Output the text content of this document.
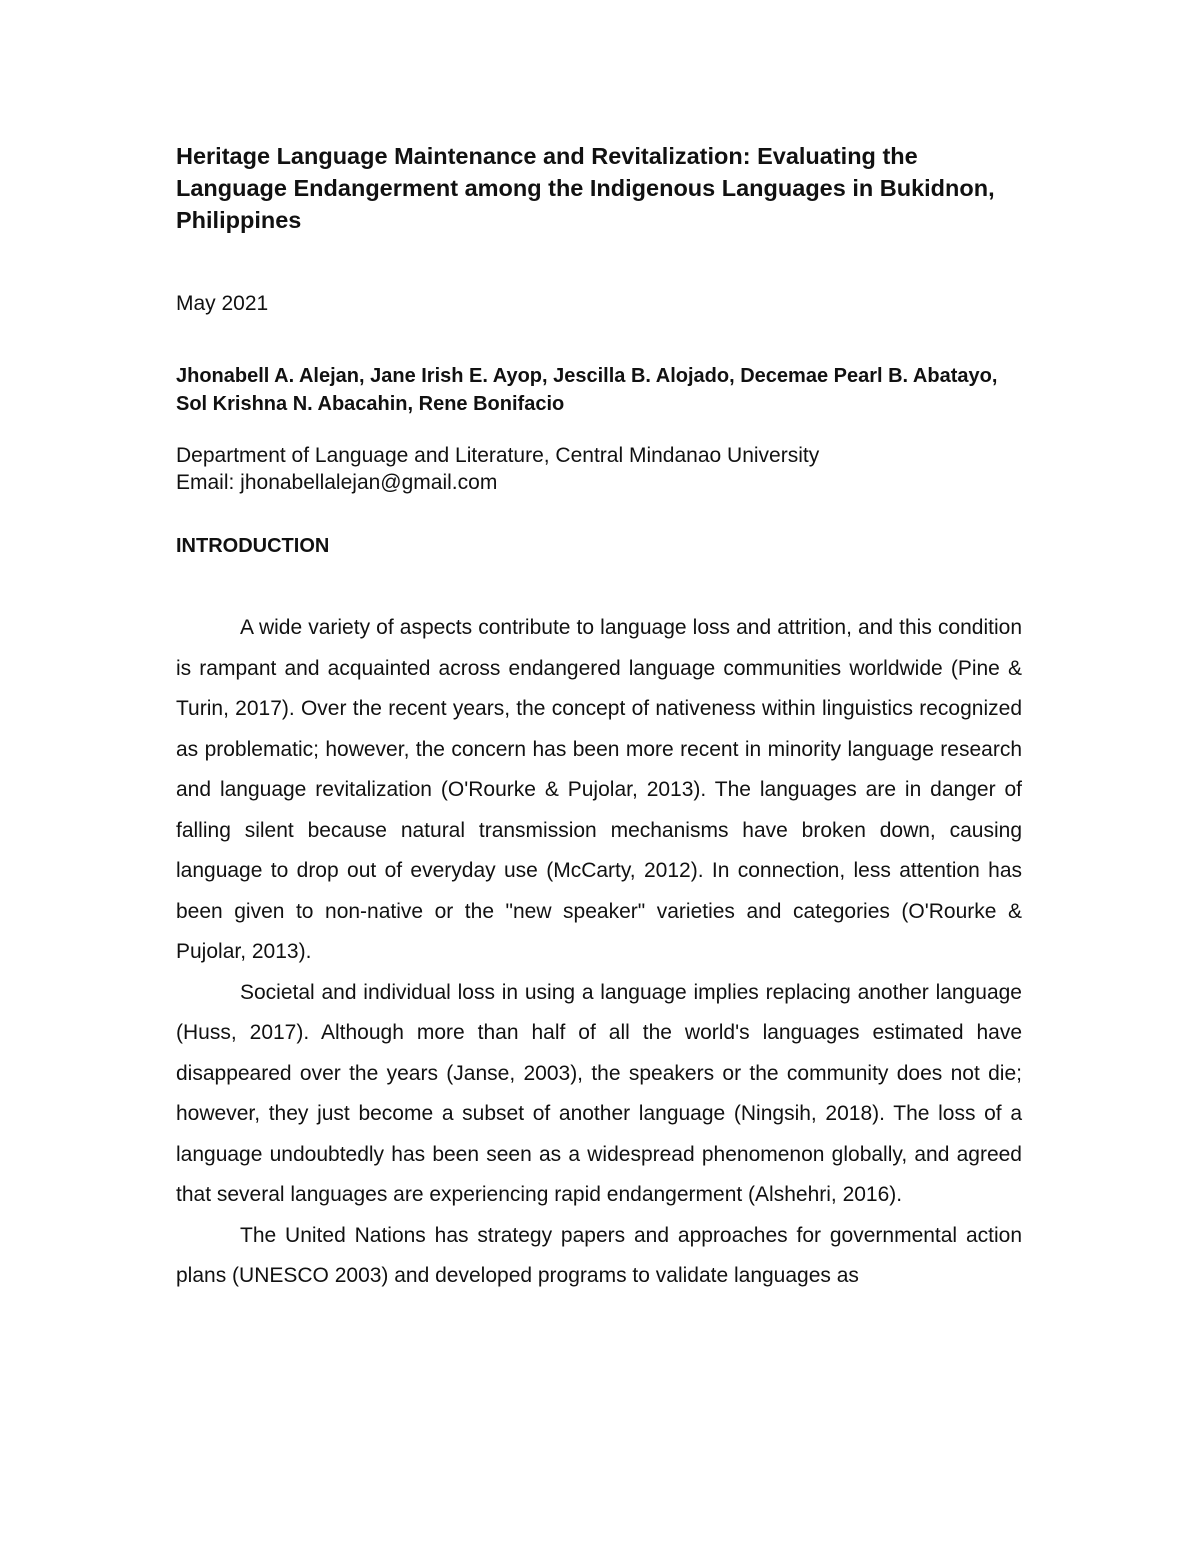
Heritage Language Maintenance and Revitalization: Evaluating the Language Endangerment among the Indigenous Languages in Bukidnon, Philippines
May 2021
Jhonabell A. Alejan, Jane Irish E. Ayop, Jescilla B. Alojado, Decemae Pearl B. Abatayo, Sol Krishna N. Abacahin, Rene Bonifacio
Department of Language and Literature, Central Mindanao University
Email: jhonabellalejan@gmail.com
INTRODUCTION

A wide variety of aspects contribute to language loss and attrition, and this condition is rampant and acquainted across endangered language communities worldwide (Pine & Turin, 2017). Over the recent years, the concept of nativeness within linguistics recognized as problematic; however, the concern has been more recent in minority language research and language revitalization (O'Rourke & Pujolar, 2013). The languages are in danger of falling silent because natural transmission mechanisms have broken down, causing language to drop out of everyday use (McCarty, 2012). In connection, less attention has been given to non-native or the "new speaker" varieties and categories (O'Rourke & Pujolar, 2013).

Societal and individual loss in using a language implies replacing another language (Huss, 2017). Although more than half of all the world's languages estimated have disappeared over the years (Janse, 2003), the speakers or the community does not die; however, they just become a subset of another language (Ningsih, 2018). The loss of a language undoubtedly has been seen as a widespread phenomenon globally, and agreed that several languages are experiencing rapid endangerment (Alshehri, 2016).

The United Nations has strategy papers and approaches for governmental action plans (UNESCO 2003) and developed programs to validate languages as
